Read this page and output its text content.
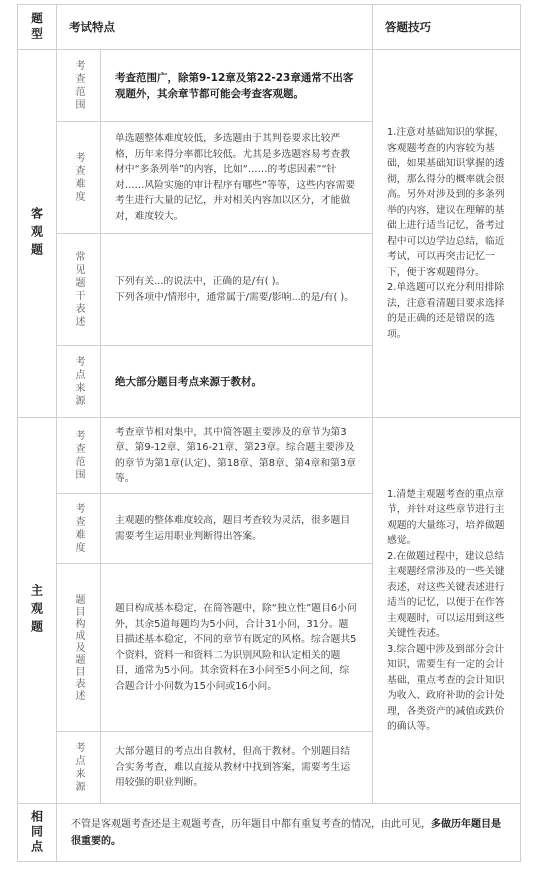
题型	考试特点		答题技巧

客观题	考查范围	考查范围广，除第9-12章及第22-23章通常不出客观题外，其余章节都可能会考查客观题。	1.注意对基础知识的掌握，客观题考查的内容较为基础，如果基础知识掌握的透彻，那么得分的概率就会很高。另外对涉及到的多条列举的内容，建议在理解的基础上进行适当记忆，备考过程中可以边学边总结，临近考试，可以再突击记忆一下，便于客观题得分。
2.单选题可以充分利用排除法，注意看清题目要求选择的是正确的还是错误的选项。

	考查难度	单选题整体难度较低，多选题由于其判卷要求比较严格，历年来得分率都比较低。尤其是多选题容易考查教材中“多条列举”的内容，比如“……的考虑因素”“针对……风险实施的审计程序有哪些”等等，这些内容需要考生进行大量的记忆，并对相关内容加以区分，才能做对，难度较大。	

	常见题干表述	下列有关...的说法中，正确的是/有( )。
下列各项中/情形中，通常属于/需要/影响...的是/有( )。	

	考点来源	绝大部分题目考点来源于教材。	

主观题	考查范围	考查章节相对集中，其中简答题主要涉及的章节为第3章、第9-12章、第16-21章、第23章。综合题主要涉及的章节为第1章(认定)、第18章、第8章、第4章和第3章等。	1.清楚主观题考查的重点章节，并针对这些章节进行主观题的大量练习，培养做题感觉。
2.在做题过程中，建议总结主观题经常涉及的一些关键表述，对这些关键表述进行适当的记忆，以便于在作答主观题时，可以运用到这些关键性表述。
3.综合题中涉及到部分会计知识，需要生有一定的会计基础，重点考查的会计知识为收入、政府补助的会计处理，各类资产的减值或跌价的确认等。

	考查难度	主观题的整体难度较高，题目考查较为灵活，很多题目需要考生运用职业判断得出答案。	

	题目构成及题目表述	题目构成基本稳定，在简答题中，除“独立性”题目6小问外，其余5道每题均为5小问，合计31小问，31分。题目描述基本稳定，不同的章节有既定的风格。综合题共5个资料，资料一和资料二为识别风险和认定相关的题目，通常为5小问。其余资料在3小问至5小问之间，综合题合计小问数为15小问或16小问。	

	考点来源	大部分题目的考点出自教材，但高于教材。个别题目结合实务考查，难以直接从教材中找到答案，需要考生运用较强的职业判断。	

相同点	不管是客观题考查还是主观题考查，历年题目中都有重复考查的情况，由此可见，多做历年题目是很重要的。		
